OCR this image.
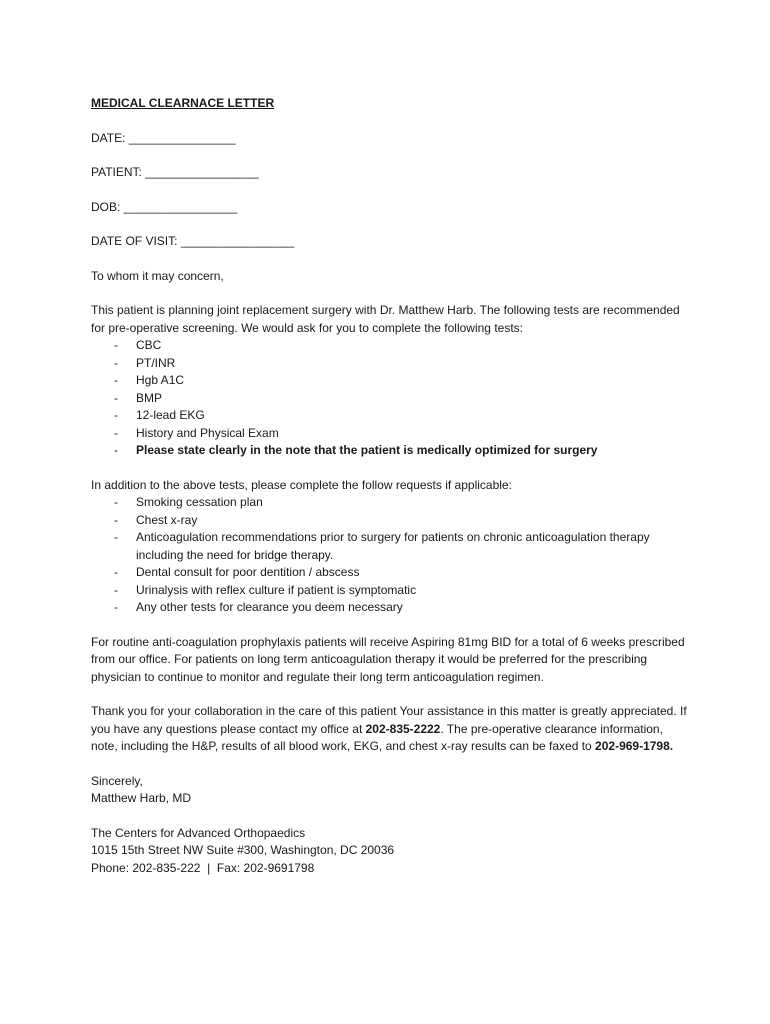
MEDICAL CLEARNACE LETTER
DATE: ________________
PATIENT: _________________
DOB: _________________
DATE OF VISIT: _________________

To whom it may concern,

This patient is planning joint replacement surgery with Dr. Matthew Harb. The following tests are recommended for pre-operative screening. We would ask for you to complete the following tests:

- CBC
- PT/INR
- Hgb A1C
- BMP
- 12-lead EKG
- History and Physical Exam
- Please state clearly in the note that the patient is medically optimized for surgery

In addition to the above tests, please complete the follow requests if applicable:

- Smoking cessation plan
- Chest x-ray
- Anticoagulation recommendations prior to surgery for patients on chronic anticoagulation therapy including the need for bridge therapy.
- Dental consult for poor dentition / abscess
- Urinalysis with reflex culture if patient is symptomatic
- Any other tests for clearance you deem necessary

For routine anti-coagulation prophylaxis patients will receive Aspiring 81mg BID for a total of 6 weeks prescribed from our office. For patients on long term anticoagulation therapy it would be preferred for the prescribing physician to continue to monitor and regulate their long term anticoagulation regimen.

Thank you for your collaboration in the care of this patient Your assistance in this matter is greatly appreciated. If you have any questions please contact my office at 202-835-2222. The pre-operative clearance information, note, including the H&P, results of all blood work, EKG, and chest x-ray results can be faxed to 202-969-1798.

Sincerely,
Matthew Harb, MD
The Centers for Advanced Orthopaedics
1015 15th Street NW Suite #300, Washington, DC 20036
Phone: 202-835-222  |  Fax: 202-9691798
